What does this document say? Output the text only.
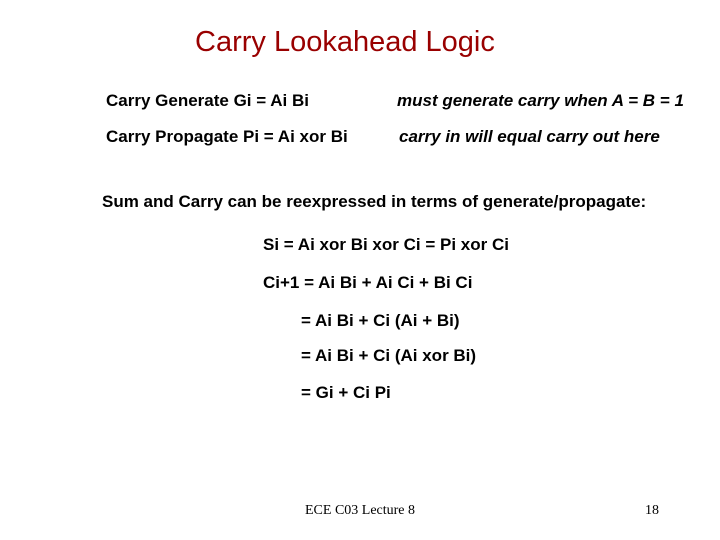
Carry Lookahead Logic
Carry Generate Gi = Ai Bi	must generate carry when A = B = 1
Carry Propagate Pi = Ai xor Bi	carry in will equal carry out here
Sum and Carry can be reexpressed in terms of generate/propagate:
Si = Ai xor Bi xor Ci = Pi xor Ci
Ci+1 = Ai Bi + Ai Ci + Bi Ci
= Ai Bi + Ci (Ai + Bi)
= Ai Bi + Ci (Ai xor Bi)
= Gi + Ci Pi
ECE C03 Lecture 8	18
